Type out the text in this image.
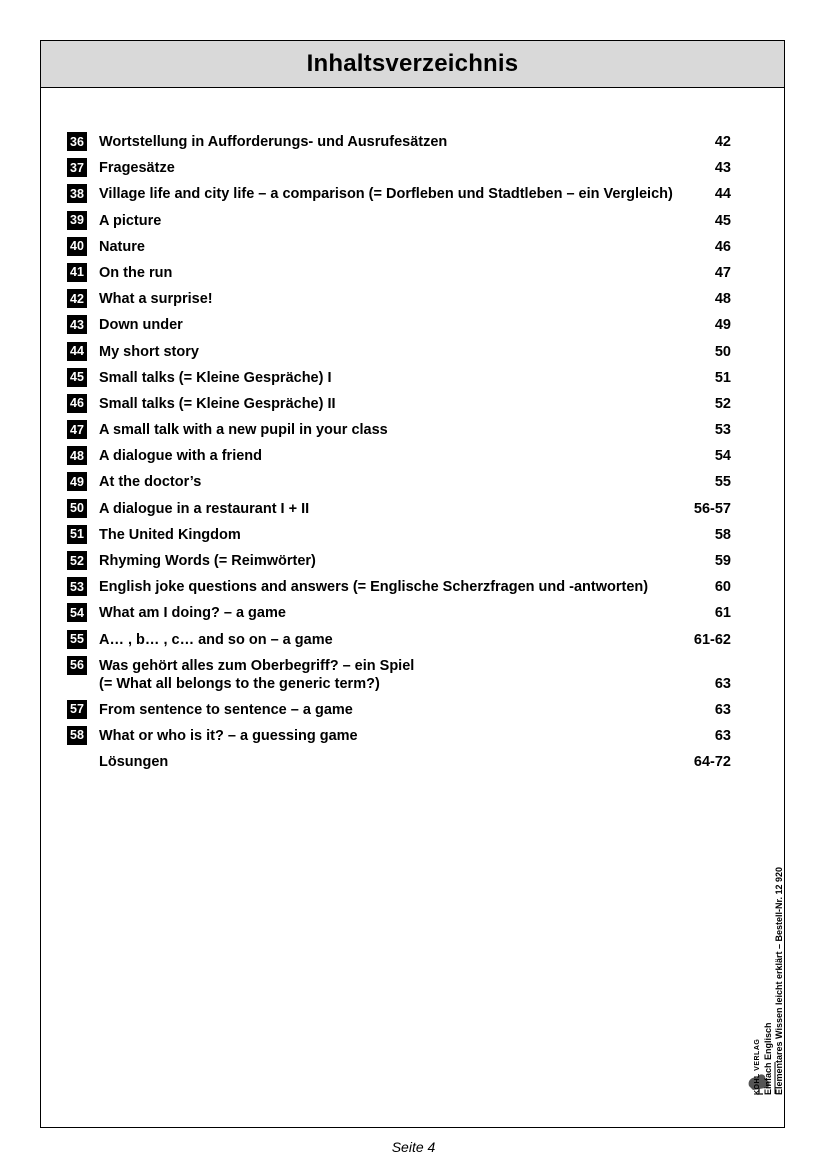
Inhaltsverzeichnis
36 Wortstellung in Aufforderungs- und Ausrufesätzen	42
37 Fragesätze	43
38 Village life and city life – a comparison (= Dorfleben und Stadtleben – ein Vergleich)	44
39 A picture	45
40 Nature	46
41 On the run	47
42 What a surprise!	48
43 Down under	49
44 My short story	50
45 Small talks (= Kleine Gespräche) I	51
46 Small talks (= Kleine Gespräche) II	52
47 A small talk with a new pupil in your class	53
48 A dialogue with a friend	54
49 At the doctor’s	55
50 A dialogue in a restaurant I + II	56-57
51 The United Kingdom	58
52 Rhyming Words (= Reimwörter)	59
53 English joke questions and answers (= Englische Scherzfragen und -antworten)	60
54 What am I doing? – a game	61
55 A… , b… , c… and so on – a game	61-62
56 Was gehört alles zum Oberbegriff? – ein Spiel
(= What all belongs to the generic term?)	63
57 From sentence to sentence – a game	63
58 What or who is it? – a guessing game	63
Lösungen	64-72
KOHL VERLAG Einfach Englisch Elementares Wissen leicht erklärt – Bestell-Nr. 12 920
Seite 4
